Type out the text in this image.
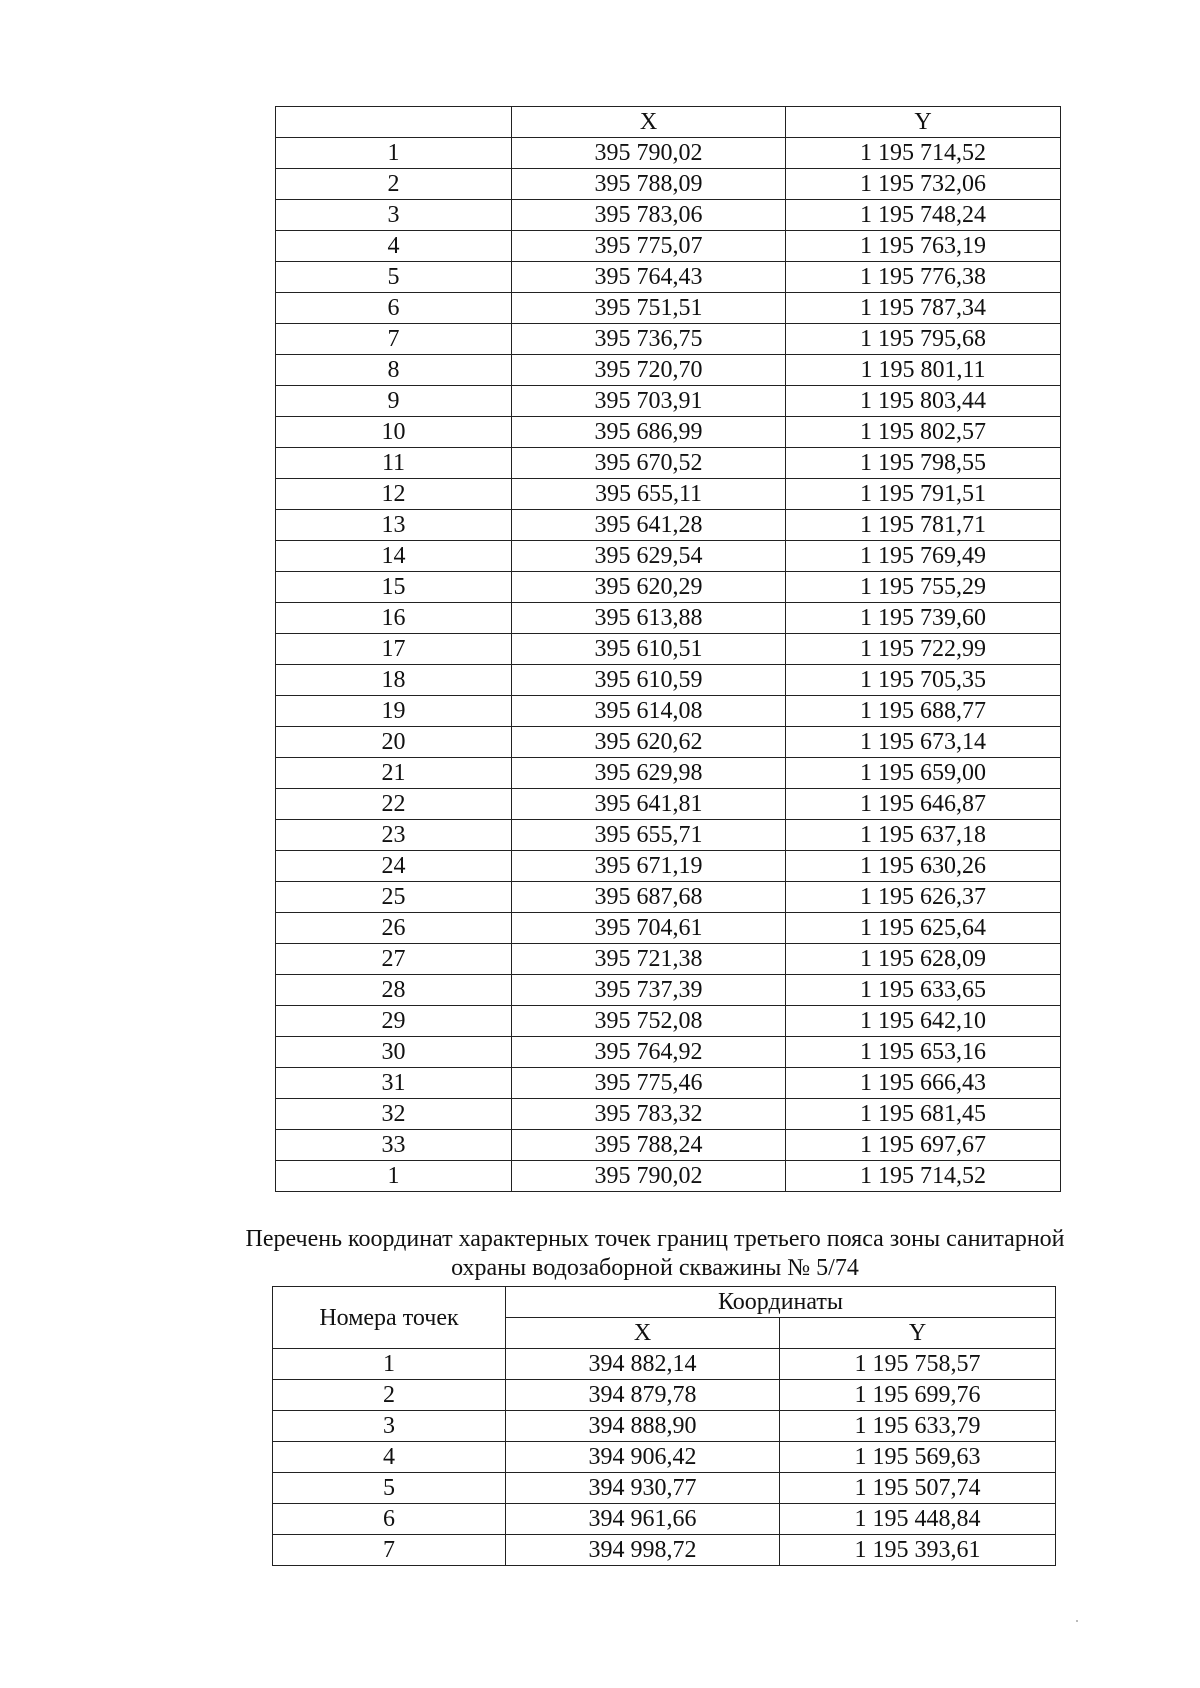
	X	Y
1	395 790,02	1 195 714,52
2	395 788,09	1 195 732,06
3	395 783,06	1 195 748,24
4	395 775,07	1 195 763,19
5	395 764,43	1 195 776,38
6	395 751,51	1 195 787,34
7	395 736,75	1 195 795,68
8	395 720,70	1 195 801,11
9	395 703,91	1 195 803,44
10	395 686,99	1 195 802,57
11	395 670,52	1 195 798,55
12	395 655,11	1 195 791,51
13	395 641,28	1 195 781,71
14	395 629,54	1 195 769,49
15	395 620,29	1 195 755,29
16	395 613,88	1 195 739,60
17	395 610,51	1 195 722,99
18	395 610,59	1 195 705,35
19	395 614,08	1 195 688,77
20	395 620,62	1 195 673,14
21	395 629,98	1 195 659,00
22	395 641,81	1 195 646,87
23	395 655,71	1 195 637,18
24	395 671,19	1 195 630,26
25	395 687,68	1 195 626,37
26	395 704,61	1 195 625,64
27	395 721,38	1 195 628,09
28	395 737,39	1 195 633,65
29	395 752,08	1 195 642,10
30	395 764,92	1 195 653,16
31	395 775,46	1 195 666,43
32	395 783,32	1 195 681,45
33	395 788,24	1 195 697,67
1	395 790,02	1 195 714,52
Перечень координат характерных точек границ третьего пояса зоны санитарной
охраны водозаборной скважины № 5/74
Номера точек	Координаты	
	X	Y
1	394 882,14	1 195 758,57
2	394 879,78	1 195 699,76
3	394 888,90	1 195 633,79
4	394 906,42	1 195 569,63
5	394 930,77	1 195 507,74
6	394 961,66	1 195 448,84
7	394 998,72	1 195 393,61
